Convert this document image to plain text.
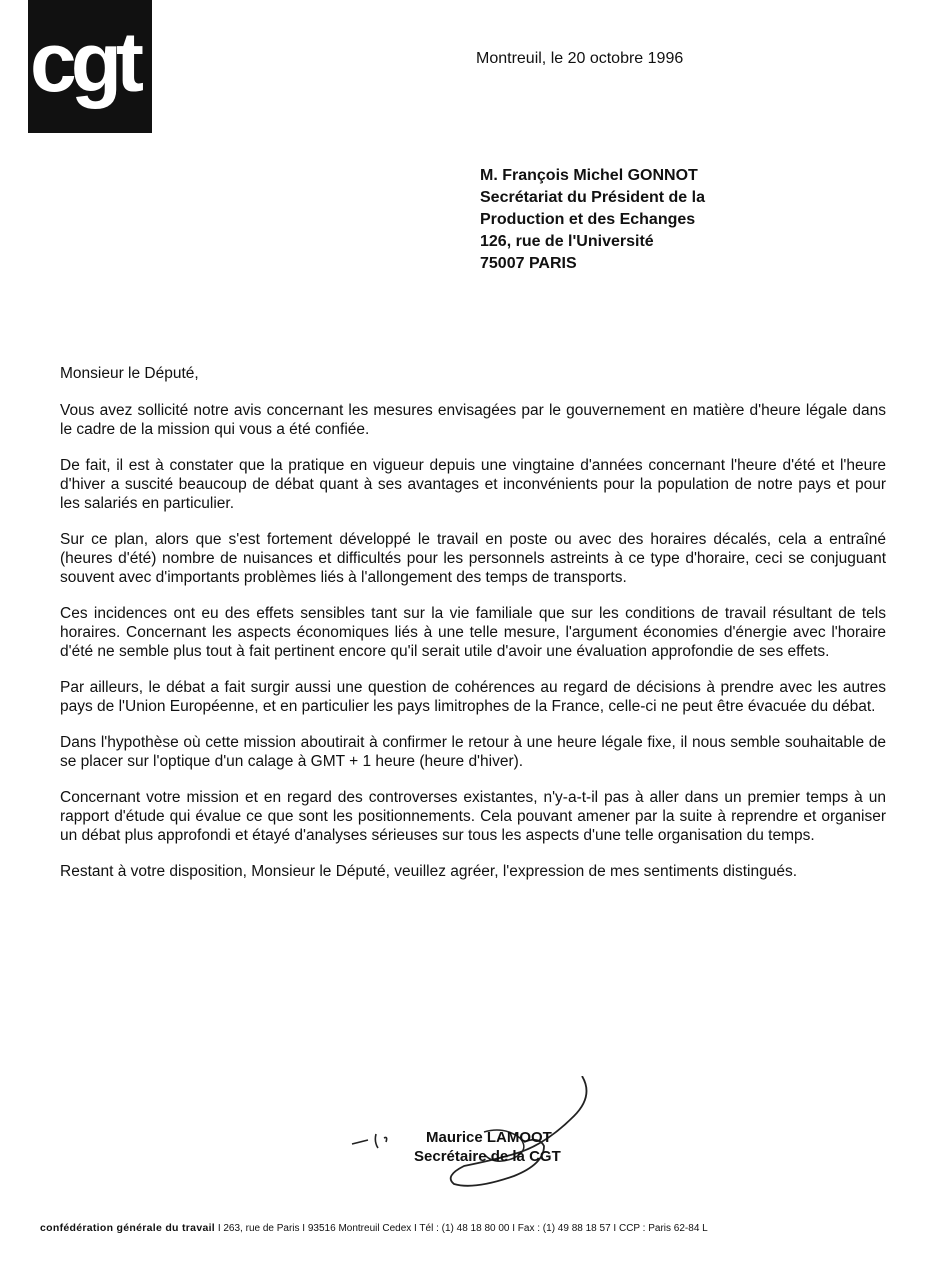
cgt	Montreuil, le 20 octobre 1996
M. François Michel GONNOT
Secrétariat du Président de la
Production et des Echanges
126, rue de l'Université
75007 PARIS
Monsieur le Député,

Vous avez sollicité notre avis concernant les mesures envisagées par le gouvernement en matière d'heure légale dans le cadre de la mission qui vous a été confiée.

De fait, il est à constater que la pratique en vigueur depuis une vingtaine d'années concernant l'heure d'été et l'heure d'hiver a suscité beaucoup de débat quant à ses avantages et inconvénients pour la population de notre pays et pour les salariés en particulier.

Sur ce plan, alors que s'est fortement développé le travail en poste ou avec des horaires décalés, cela a entraîné (heures d'été) nombre de nuisances et difficultés pour les personnels astreints à ce type d'horaire, ceci se conjuguant souvent avec d'importants problèmes liés à l'allongement des temps de transports.

Ces incidences ont eu des effets sensibles tant sur la vie familiale que sur les conditions de travail résultant de tels horaires. Concernant les aspects économiques liés à une telle mesure, l'argument économies d'énergie avec l'horaire d'été ne semble plus tout à fait pertinent encore qu'il serait utile d'avoir une évaluation approfondie de ses effets.

Par ailleurs, le débat a fait surgir aussi une question de cohérences au regard de décisions à prendre avec les autres pays de l'Union Européenne, et en particulier les pays limitrophes de la France, celle-ci ne peut être évacuée du débat.

Dans l'hypothèse où cette mission aboutirait à confirmer le retour à une heure légale fixe, il nous semble souhaitable de se placer sur l'optique d'un calage à GMT + 1 heure (heure d'hiver).

Concernant votre mission et en regard des controverses existantes, n'y-a-t-il pas à aller dans un premier temps à un rapport d'étude qui évalue ce que sont les positionnements. Cela pouvant amener par la suite à reprendre et organiser un débat plus approfondi et étayé d'analyses sérieuses sur tous les aspects d'une telle organisation du temps.

Restant à votre disposition, Monsieur le Député, veuillez agréer, l'expression de mes sentiments distingués.

Maurice LAMOOT
Secrétaire de la CGT
confédération générale du travail I 263, rue de Paris I 93516 Montreuil Cedex I Tél : (1) 48 18 80 00 I Fax : (1) 49 88 18 57 I CCP : Paris 62-84 L
